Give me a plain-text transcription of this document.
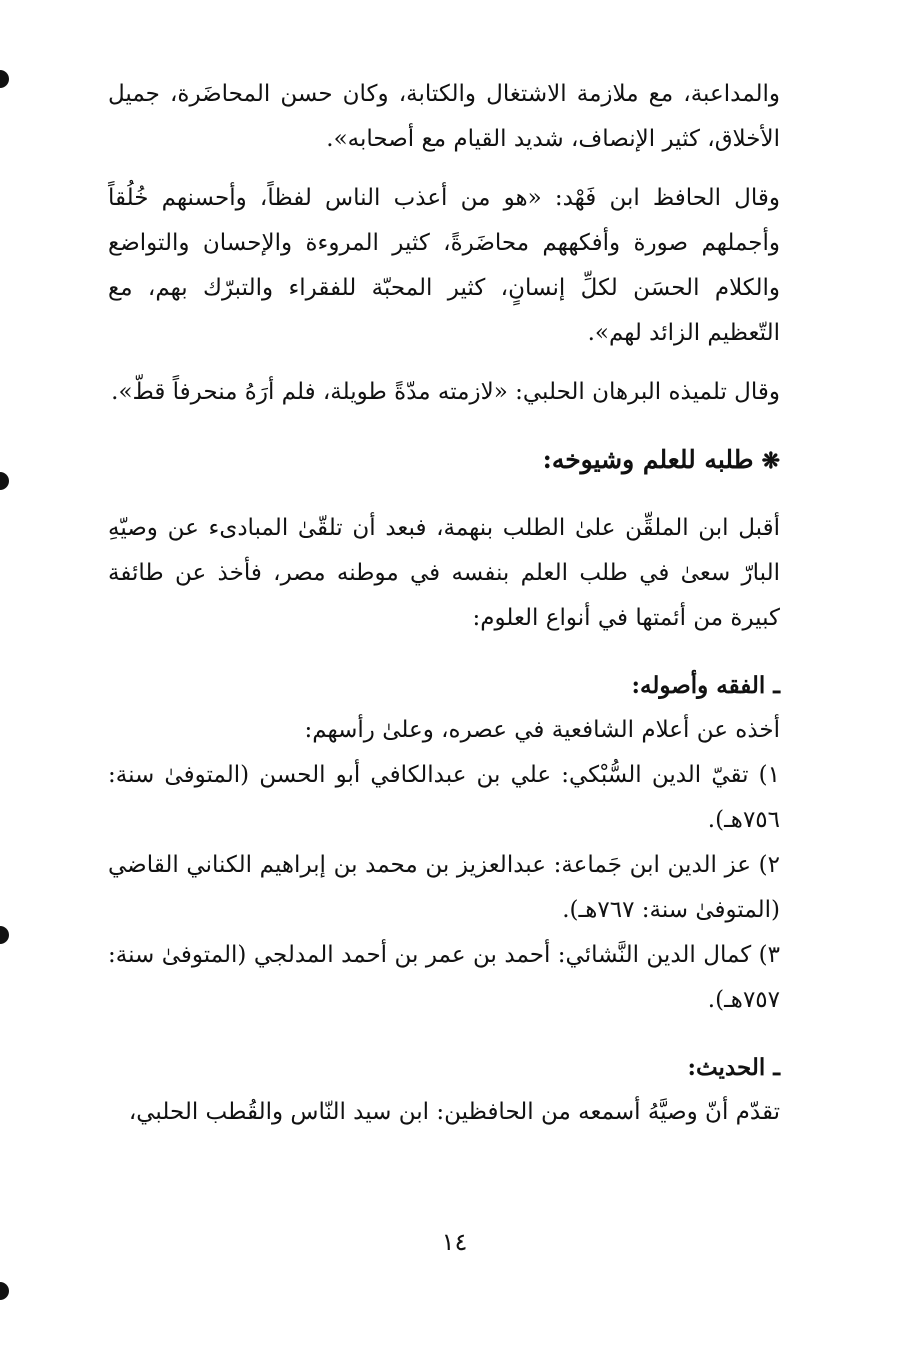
والمداعبة، مع ملازمة الاشتغال والكتابة، وكان حسن المحاضَرة، جميل الأخلاق، كثير الإنصاف، شديد القيام مع أصحابه».

وقال الحافظ ابن فَهْد: «هو من أعذب الناس لفظاً، وأحسنهم خُلُقاً وأجملهم صورة وأفكههم محاضَرةً، كثير المروءة والإحسان والتواضع والكلام الحسَن لكلِّ إنسانٍ، كثير المحبّة للفقراء والتبرّك بهم، مع التّعظيم الزائد لهم».

وقال تلميذه البرهان الحلبي: «لازمته مدّةً طويلة، فلم أرَهُ منحرفاً قطّ».

❋طلبه للعلم وشيوخه:

أقبل ابن الملقِّن علىٰ الطلب بنهمة، فبعد أن تلقّىٰ المبادىء عن وصيّهِ البارّ سعىٰ في طلب العلم بنفسه في موطنه مصر، فأخذ عن طائفة كبيرة من أئمتها في أنواع العلوم:

ـ الفقه وأصوله:

أخذه عن أعلام الشافعية في عصره، وعلىٰ رأسهم:

١) تقيّ الدين السُّبْكي: علي بن عبدالكافي أبو الحسن (المتوفىٰ سنة: ٧٥٦هـ).

٢) عز الدين ابن جَماعة: عبدالعزيز بن محمد بن إبراهيم الكناني القاضي (المتوفىٰ سنة: ٧٦٧هـ).

٣) كمال الدين النَّشائي: أحمد بن عمر بن أحمد المدلجي (المتوفىٰ سنة: ٧٥٧هـ).

ـ الحديث:

تقدّم أنّ وصيَّهُ أسمعه من الحافظين: ابن سيد النّاس والقُطب الحلبي،

١٤
